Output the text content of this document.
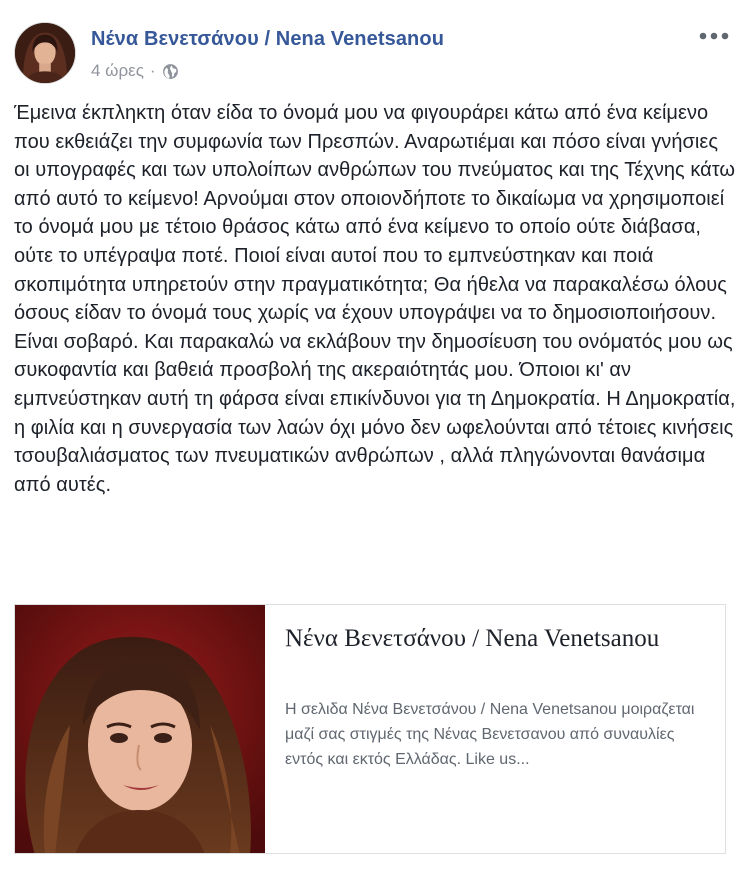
Νένα Βενετσάνου / Nena Venetsanou
4 ώρες ·
Έμεινα έκπληκτη όταν είδα το όνομά μου να φιγουράρει κάτω από ένα κείμενο που εκθειάζει την συμφωνία των Πρεσπών. Αναρωτιέμαι και πόσο είναι γνήσιες οι υπογραφές και των υπολοίπων ανθρώπων του πνεύματος και της Τέχνης κάτω από αυτό το κείμενο! Αρνούμαι στον οποιονδήποτε το δικαίωμα να χρησιμοποιεί το όνομά μου με τέτοιο θράσος κάτω από ένα κείμενο το οποίο ούτε διάβασα, ούτε το υπέγραψα ποτέ. Ποιοί είναι αυτοί που το εμπνεύστηκαν και ποιά σκοπιμότητα υπηρετούν στην πραγματικότητα; Θα ήθελα να παρακαλέσω όλους όσους είδαν το όνομά τους χωρίς να έχουν υπογράψει να το δημοσιοποιήσουν. Είναι σοβαρό. Και παρακαλώ να εκλάβουν την δημοσίευση του ονόματός μου ως συκοφαντία και βαθειά προσβολή της ακεραιότητάς μου. Όποιοι κι' αν εμπνεύστηκαν αυτή τη φάρσα είναι επικίνδυνοι για τη Δημοκρατία. Η Δημοκρατία, η φιλία και η συνεργασία των λαών όχι μόνο δεν ωφελούνται από τέτοιες κινήσεις τσουβαλιάσματος των πνευματικών ανθρώπων , αλλά πληγώνονται θανάσιμα από αυτές.
Νένα Βενετσάνου / Nena Venetsanou
Η σελιδα Νένα Βενετσάνου / Nena Venetsanou μοιραζεται μαζί σας στιγμές της Νένας Βενετσανου από συναυλίες εντός και εκτός Ελλάδας. Like us...
